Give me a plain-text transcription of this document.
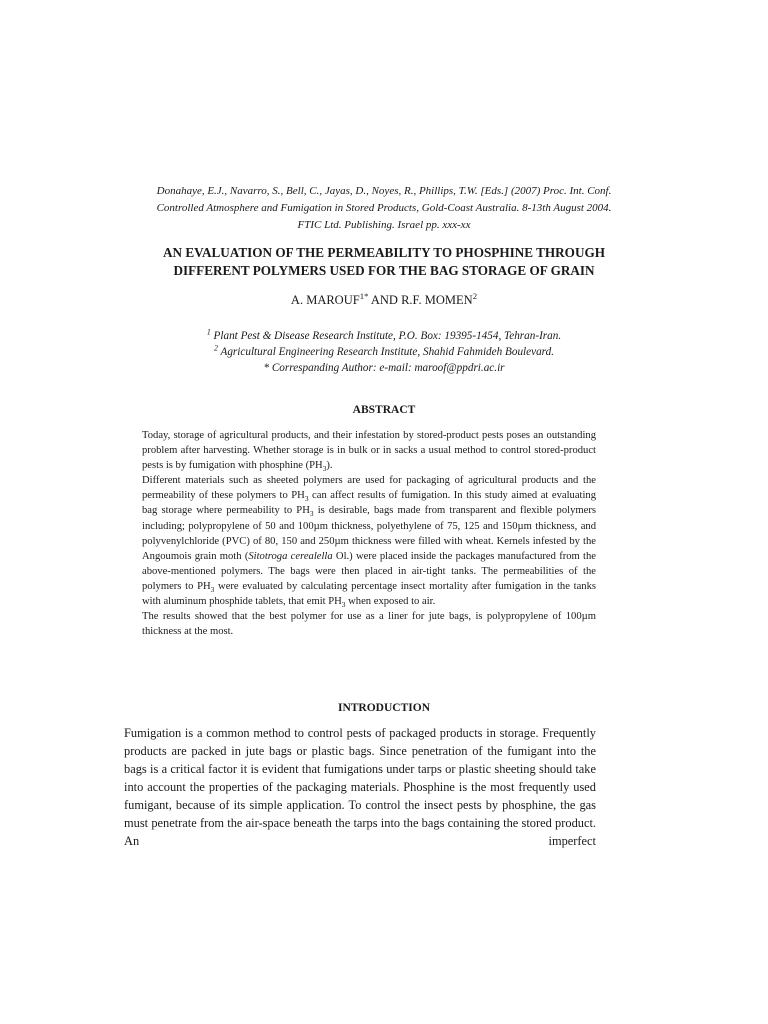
Donahaye, E.J., Navarro, S., Bell, C., Jayas, D., Noyes, R., Phillips, T.W. [Eds.] (2007) Proc. Int. Conf.
Controlled Atmosphere and Fumigation in Stored Products, Gold-Coast Australia. 8-13th August 2004.
FTIC Ltd. Publishing. Israel pp. xxx-xx
AN EVALUATION OF THE PERMEABILITY TO PHOSPHINE THROUGH
DIFFERENT POLYMERS USED FOR THE BAG STORAGE OF GRAIN
A. $MAROUF^{1*}$ AND R.F. MOMEN$^2$
$^1$ Plant Pest & Disease Research Institute, P.O. Box: 19395-1454, Tehran-Iran.
$^2$ Agricultural Engineering Research Institute, Shahid Fahmideh Boulevard.
* Correspanding Author: e-mail: maroof@ppdri.ac.ir
ABSTRACT

Today, storage of agricultural products, and their infestation by stored-product pests poses an outstanding problem after harvesting. Whether storage is in bulk or in sacks a usual method to control stored-product pests is by fumigation with phosphine $(PH_3)$.

Different materials such as sheeted polymers are used for packaging of agricultural products and the permeability of these polymers to $PH_3$ can affect results of fumigation. In this study aimed at evaluating bag storage where permeability to $PH_3$ is desirable, bags made from transparent and flexible polymers including; polypropylene of 50 and 100µm thickness, polyethylene of 75, 125 and 150µm thickness, and polyvenylchloride (PVC) of 80, 150 and 250µm thickness were filled with wheat. Kernels infested by the Angoumois grain moth (Sitotroga cerealella Ol.) were placed inside the packages manufactured from the above-mentioned polymers. The bags were then placed in air-tight tanks. The permeabilities of the polymers to $PH_3$ were evaluated by calculating percentage insect mortality after fumigation in the tanks with aluminum phosphide tablets, that emit $PH_3$ when exposed to air.

The results showed that the best polymer for use as a liner for jute bags, is polypropylene of 100µm thickness at the most.

INTRODUCTION

Fumigation is a common method to control pests of packaged products in storage. Frequently products are packed in jute bags or plastic bags. Since penetration of the fumigant into the bags is a critical factor it is evident that fumigations under tarps or plastic sheeting should take into account the properties of the packaging materials. Phosphine is the most frequently used fumigant, because of its simple application. To control the insect pests by phosphine, the gas must penetrate from the air-space beneath the tarps into the bags containing the stored product. An imperfect
